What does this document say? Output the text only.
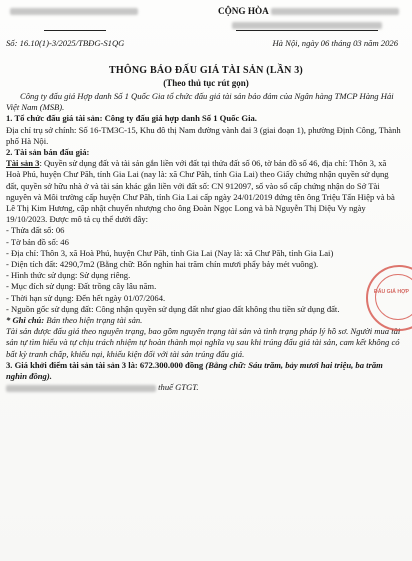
CỘNG HÒA
Số: 16.10(1)-3/2025/TBĐG-S1QG	Hà Nội, ngày 06 tháng 03 năm 2026
THÔNG BÁO ĐẤU GIÁ TÀI SẢN (LẦN 3)
(Theo thủ tục rút gọn)

Công ty đấu giá Hợp danh Số 1 Quốc Gia tổ chức đấu giá tài sản bảo đảm của Ngân hàng TMCP Hàng Hải Việt Nam (MSB).

1. Tổ chức đấu giá tài sản: Công ty đấu giá hợp danh Số 1 Quốc Gia.

Địa chỉ trụ sở chính: Số 16-TM3C-15, Khu đô thị Nam đường vành đai 3 (giai đoạn 1), phường Định Công, Thành phố Hà Nội.

2. Tài sản bán đấu giá:

Tài sản 3: Quyền sử dụng đất và tài sản gắn liền với đất tại thửa đất số 06, tờ bản đồ số 46, địa chỉ: Thôn 3, xã Hoà Phú, huyện Chư Păh, tỉnh Gia Lai (nay là: xã Chư Păh, tỉnh Gia Lai) theo Giấy chứng nhận quyền sử dụng đất, quyền sở hữu nhà ở và tài sản khác gắn liền với đất số: CN 912097, số vào sổ cấp chứng nhận do Sở Tài nguyên và Môi trường cấp huyện Chư Păh, tỉnh Gia Lai cấp ngày 24/01/2019 đứng tên ông Triệu Tấn Hiệp và bà Lê Thị Kim Hương, cập nhật chuyển nhượng cho ông Đoàn Ngọc Long và bà Nguyễn Thị Diệu Vy ngày 19/10/2023. Được mô tả cụ thể dưới đây:

- Thửa đất số: 06

- Tờ bản đồ số: 46

- Địa chỉ: Thôn 3, xã Hoà Phú, huyện Chư Păh, tỉnh Gia Lai (Nay là: xã Chư Păh, tỉnh Gia Lai)

- Diện tích đất: 4290,7m2 (Bằng chữ: Bốn nghìn hai trăm chín mươi phẩy bảy mét vuông).

- Hình thức sử dụng: Sử dụng riêng.

- Mục đích sử dụng: Đất trồng cây lâu năm.

- Thời hạn sử dụng: Đến hết ngày 01/07/2064.

- Nguồn gốc sử dụng đất: Công nhận quyền sử dụng đất như giao đất không thu tiền sử dụng đất.

* Ghi chú: Bán theo hiện trạng tài sản.

Tài sản được đấu giá theo nguyên trạng, bao gồm nguyên trạng tài sản và tình trạng pháp lý hồ sơ. Người mua tài sản tự tìm hiểu và tự chịu trách nhiệm tự hoàn thành mọi nghĩa vụ sau khi trúng đấu giá tài sản, cam kết không có bất kỳ tranh chấp, khiếu nại, khiếu kiện đối với tài sản trúng đấu giá.

3. Giá khởi điểm tài sản tài sản 3 là: 672.300.000 đồng (Bằng chữ: Sáu trăm, bảy mươi hai triệu, ba trăm nghìn đồng).

thuế GTGT.

ĐẤU GIÁ HỢP
